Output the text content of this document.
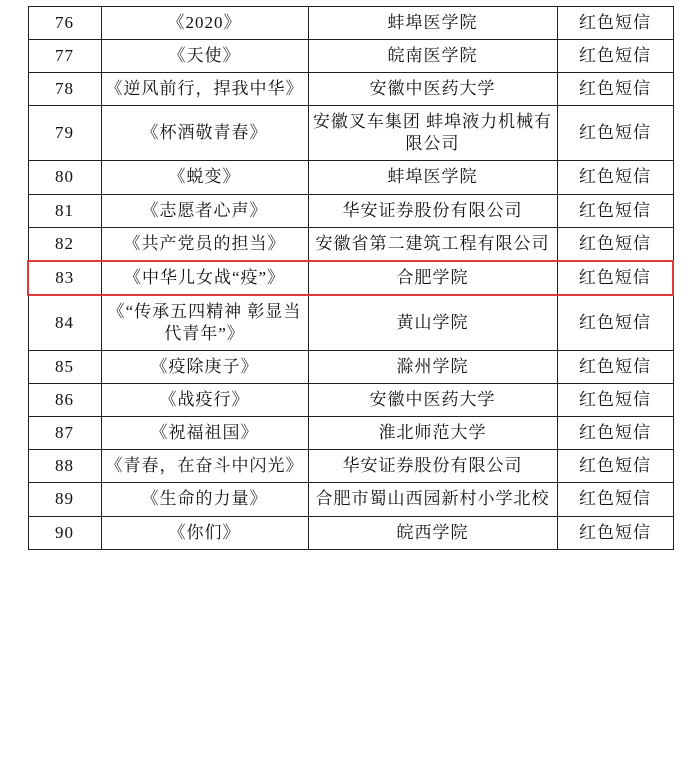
76	《2020》	蚌埠医学院	红色短信
77	《天使》	皖南医学院	红色短信
78	《逆风前行，捍我中华》	安徽中医药大学	红色短信
79	《杯酒敬青春》	安徽叉车集团 蚌埠液力机械有限公司	红色短信
80	《蜕变》	蚌埠医学院	红色短信
81	《志愿者心声》	华安证券股份有限公司	红色短信
82	《共产党员的担当》	安徽省第二建筑工程有限公司	红色短信
83	《中华儿女战“疫”》	合肥学院	红色短信
84	《“传承五四精神 彰显当代青年”》	黄山学院	红色短信
85	《疫除庚子》	滁州学院	红色短信
86	《战疫行》	安徽中医药大学	红色短信
87	《祝福祖国》	淮北师范大学	红色短信
88	《青春，在奋斗中闪光》	华安证券股份有限公司	红色短信
89	《生命的力量》	合肥市蜀山西园新村小学北校	红色短信
90	《你们》	皖西学院	红色短信
